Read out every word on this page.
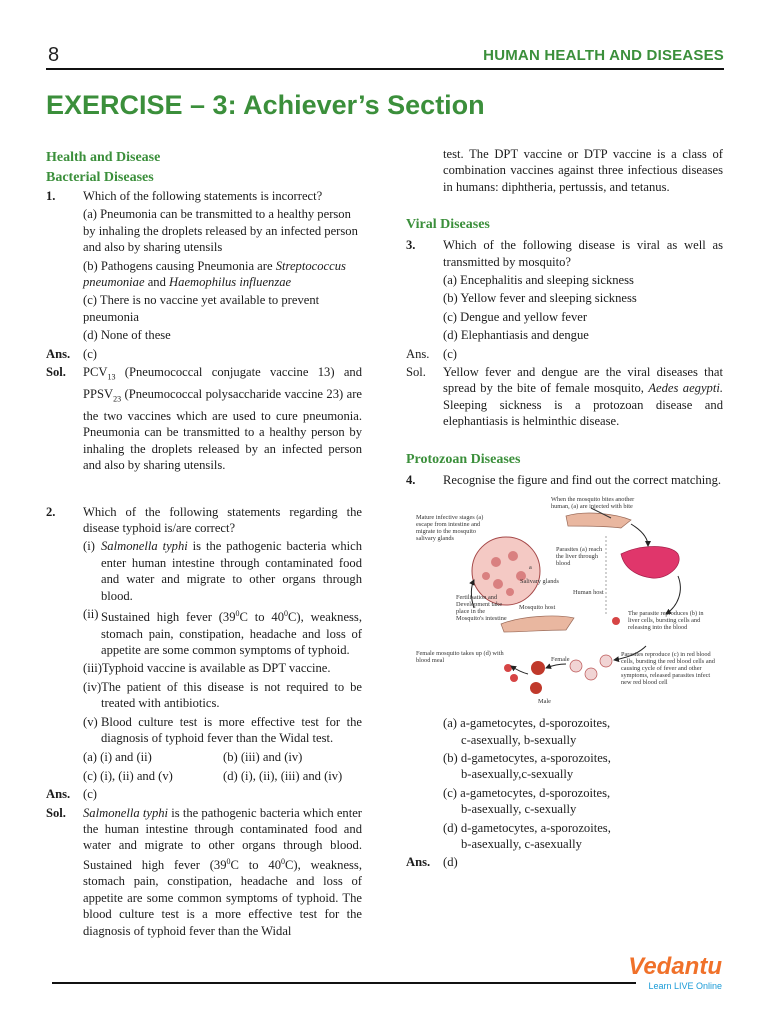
8	HUMAN HEALTH AND DISEASES
EXERCISE – 3: Achiever’s Section

Health and Disease

Bacterial Diseases

1. Which of the following statements is incorrect?
(a) Pneumonia can be transmitted to a healthy person by inhaling the droplets released by an infected person and also by sharing utensils
(b) Pathogens causing Pneumonia are Streptococcus pneumoniae and Haemophilus influenzae
(c) There is no vaccine yet available to prevent pneumonia
(d) None of these
Ans. (c)
Sol. $PCV_{13}$ (Pneumococcal conjugate vaccine 13) and $PPSV_{23}$ (Pneumococcal polysaccharide vaccine 23) are the two vaccines which are used to cure pneumonia. Pneumonia can be transmitted to a healthy person by inhaling the droplets released by an infected person and also by sharing utensils.
2. Which of the following statements regarding the disease typhoid is/are correct?
(i) Salmonella typhi is the pathogenic bacteria which enter human intestine through contaminated food and water and migrate to other organs through blood.
(ii) Sustained high fever ($39^0C$ to $40^0C$), weakness, stomach pain, constipation, headache and loss of appetite are some common symptoms of typhoid.
(iii)Typhoid vaccine is available as DPT vaccine.
(iv)The patient of this disease is not required to be treated with antibiotics.
(v) Blood culture test is more effective test for the diagnosis of typhoid fever than the Widal test.
(a) (i) and (ii)	(b) (iii) and (iv)
(c) (i), (ii) and (v)	(d) (i), (ii), (iii) and (iv)
Ans. (c)
Sol. Salmonella typhi is the pathogenic bacteria which enter the human intestine through contaminated food and water and migrate to other organs through blood. Sustained high fever ($39^0C$ to $40^0C$), weakness, stomach pain, constipation, headache and loss of appetite are some common symptoms of typhoid. The blood culture test is a more effective test for the diagnosis of typhoid fever than the Widal
test. The DPT vaccine or DTP vaccine is a class of combination vaccines against three infectious diseases in humans: diphtheria, pertussis, and tetanus.

Viral Diseases

3. Which of the following disease is viral as well as transmitted by mosquito?
(a) Encephalitis and sleeping sickness
(b) Yellow fever and sleeping sickness
(c) Dengue and yellow fever
(d) Elephantiasis and dengue
Ans. (c)
Sol. Yellow fever and dengue are the viral diseases that spread by the bite of female mosquito, Aedes aegypti. Sleeping sickness is a protozoan disease and elephantiasis is helminthic disease.

Protozoan Diseases

4. Recognise the figure and find out the correct matching.
When the mosquito bites another human, (a) are injected with bite
Mature infective stages (a) escape from intestine and migrate to the mosquito salivary glands
Parasites (a) reach the liver through blood
a
Salivary glands
Human host
Fertilisation and Development take place in the Mosquito's intestine
Mosquito host
The parasite reproduces (b) in liver cells, bursting cells and releasing into the blood
Female mosquito takes up (d) with blood meal	Female
Male
Parasites reproduce (c) in red blood cells, bursting the red blood cells and causing cycle of fever and other symptoms, released parasites infect new red blood cell
(a) a-gametocytes, d-sporozoites,
c-asexually, b-sexually
(b) d-gametocytes, a-sporozoites,
b-asexually,c-sexually
(c) a-gametocytes, d-sporozoites,
b-asexually, c-sexually
(d) d-gametocytes, a-sporozoites,
b-asexually, c-asexually
Ans. (d)
Vedantu
Learn LIVE Online
